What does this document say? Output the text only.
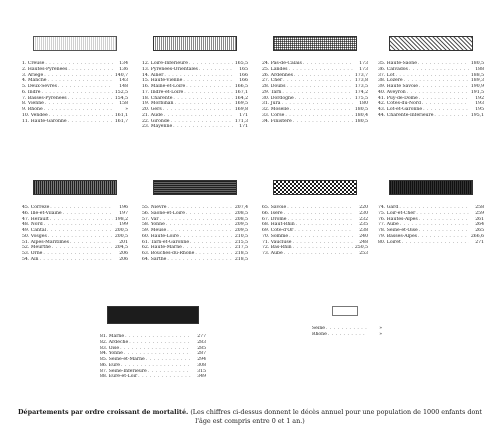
1. Creuse . . .	134
2. Hautes-Pyrénées . . .	136
3. Ariège . . .	140,7
4. Manche . . .	143
5. Deux-Sèvres . . .	148
6. Indre . . .	152,5
7. Basses-Pyrénées . . .	154,5
8. Vienne . . .	158
9. Rhône . . .	»
10. Vendée . . .	161,1
11. Haute-Garonne . . .	161,7
12. Loire-Inférieure . . .	165,5
13. Pyrénées-Orientales . . .	165
14. Allier . . .	166
15. Haute-Vienne . . .	166
16. Maine-et-Loire . . .	166,5
17. Indre-et-Loire . . .	167,1
18. Charente . . .	164,2
19. Morbihan . . .	169,5
20. Gers . . .	169,8
21. Aude . . .	171
22. Gironde . . .	171,3
23. Mayenne . . .	171
24. Pas-de-Calais . . .	173
25. Landes . . .	173
26. Ardennes . . .	173,7
27. Cher . . .	173,8
28. Doubs . . .	173,5
29. Tarn . . .	174,2
30. Dordogne . . .	175,5
31. Jura . . .	180
32. Moselle . . .	180,5
33. Corse . . .	180,4
34. Finistère . . .	180,5
35. Haute-Saône . . .	180,5
36. Calvados . . .	188
37. Lot . . .	188,5
38. Lozère . . .	189,3
39. Haute Savoie . . .	190,9
40. Aveyron . . .	191,5
41. Puy-de-Dôme . . .	192
42. Côtes-du-Nord . . .	193
43. Lot-et-Garonne . . .	195
44. Charente-Inférieure . . .	195,1
45. Corrèze . . .	196
46. Ille-et-Vilaine . . .	197
47. Hérault . . .	198,2
48. Nord . . .	199
49. Cantal . . .	200,5
50. Vosges . . .	200,5
51. Alpes-Maritimes . . .	201
52. Meurthe . . .	204,5
53. Orne . . .	206
54. Ain . . .	206
55. Nièvre . . .	207,4
56. Saône-et-Loire . . .	208,5
57. Var . . .	208,5
58. Yonne . . .	209,5
59. Meuse . . .	209,5
60. Haute-Loire . . .	210,5
61. Tarn-et-Garonne . . .	215,5
62. Haute-Marne . . .	217,5
63. Bouches-du-Rhône . . .	218,5
64. Sarthe . . .	218,5
65. Savoie . . .	220
66. Isère . . .	230
67. Drôme . . .	232
68. Haut-Rhin . . .	235
69. Côte-d'Or . . .	238
70. Somme . . .	240
71. Vaucluse . . .	248
72. Bas-Rhin . . .	250,5
73. Aube . . .	253
74. Gard . . .	258
75. Loir-et-Cher . . .	259
76. Hautes-Alpes . . .	261
77. Aube . . .	264
78. Seine-et-Oise . . .	265
79. Basses-Alpes . . .	266,6
80. Loiret . . .	271
81. Marne . . .	277
82. Ardèche . . .	283
83. Oise . . .	285
84. Yonne . . .	287
85. Seine-et-Marne . . .	294
86. Eure . . .	308
87. Seine-Inférieure . . .	315
88. Eure-et-Loir . . .	349
Seine . . .	»
Rhône . . .	»
Départements par ordre croissant de mortalité. (Les chiffres ci-dessus donnent le décès annuel pour une population de 1000 enfants dont l'âge est compris entre 0 et 1 an.)
